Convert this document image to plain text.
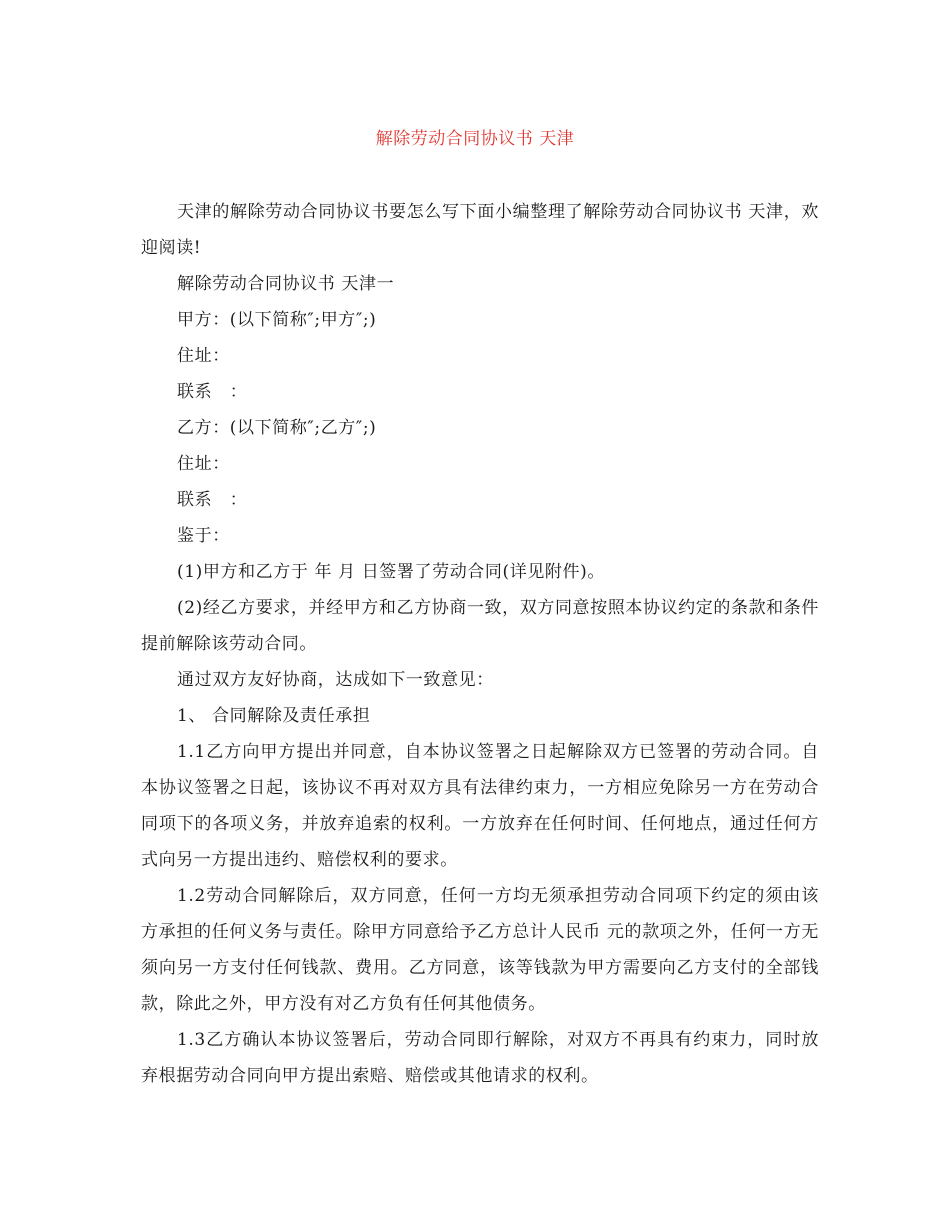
解除劳动合同协议书 天津

天津的解除劳动合同协议书要怎么写下面小编整理了解除劳动合同协议书 天津，欢迎阅读!

解除劳动合同协议书 天津一

甲方：(以下简称″;甲方″;)

住址：

联系　：

乙方：(以下简称″;乙方″;)

住址：

联系　：

鉴于：

(1)甲方和乙方于 年 月 日签署了劳动合同(详见附件)。

(2)经乙方要求，并经甲方和乙方协商一致，双方同意按照本协议约定的条款和条件提前解除该劳动合同。

通过双方友好协商，达成如下一致意见：

1、 合同解除及责任承担

1.1乙方向甲方提出并同意，自本协议签署之日起解除双方已签署的劳动合同。自本协议签署之日起，该协议不再对双方具有法律约束力，一方相应免除另一方在劳动合同项下的各项义务，并放弃追索的权利。一方放弃在任何时间、任何地点，通过任何方式向另一方提出违约、赔偿权利的要求。

1.2劳动合同解除后，双方同意，任何一方均无须承担劳动合同项下约定的须由该方承担的任何义务与责任。除甲方同意给予乙方总计人民币 元的款项之外，任何一方无须向另一方支付任何钱款、费用。乙方同意，该等钱款为甲方需要向乙方支付的全部钱款，除此之外，甲方没有对乙方负有任何其他债务。

1.3乙方确认本协议签署后，劳动合同即行解除，对双方不再具有约束力，同时放弃根据劳动合同向甲方提出索赔、赔偿或其他请求的权利。
